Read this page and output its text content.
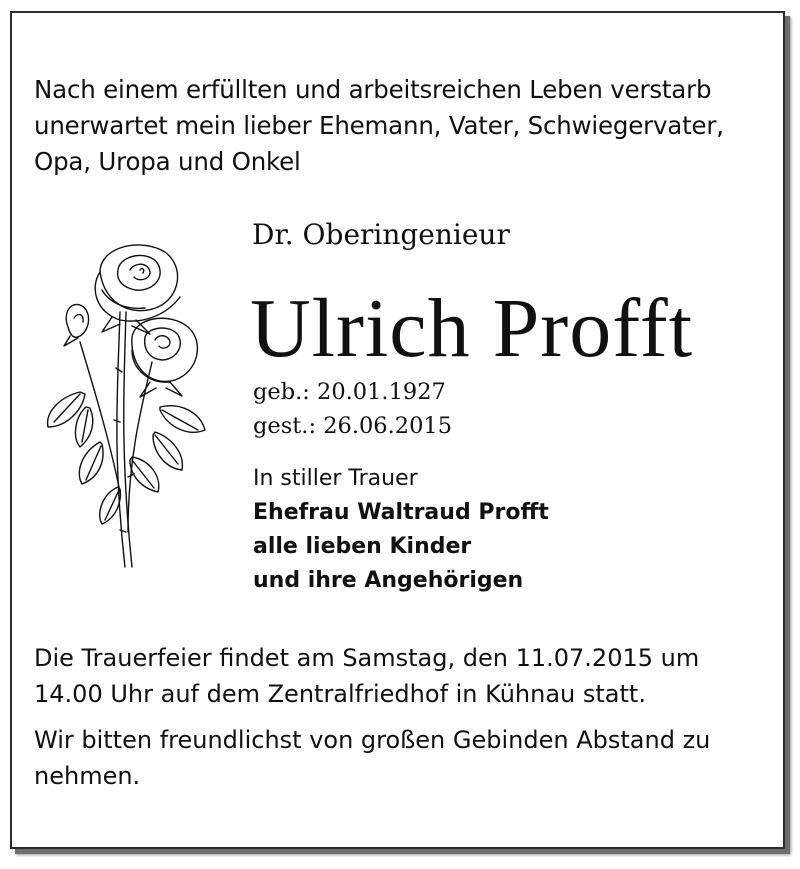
Nach einem erfüllten und arbeitsreichen Leben verstarb
unerwartet mein lieber Ehemann, Vater, Schwiegervater,
Opa, Uropa und Onkel
Dr. Oberingenieur
Ulrich Profft
geb.: 20.01.1927
gest.: 26.06.2015
In stiller Trauer
Ehefrau Waltraud Profft
alle lieben Kinder
und ihre Angehörigen
Die Trauerfeier findet am Samstag, den 11.07.2015 um
14.00 Uhr auf dem Zentralfriedhof in Kühnau statt.
Wir bitten freundlichst von großen Gebinden Abstand zu
nehmen.
